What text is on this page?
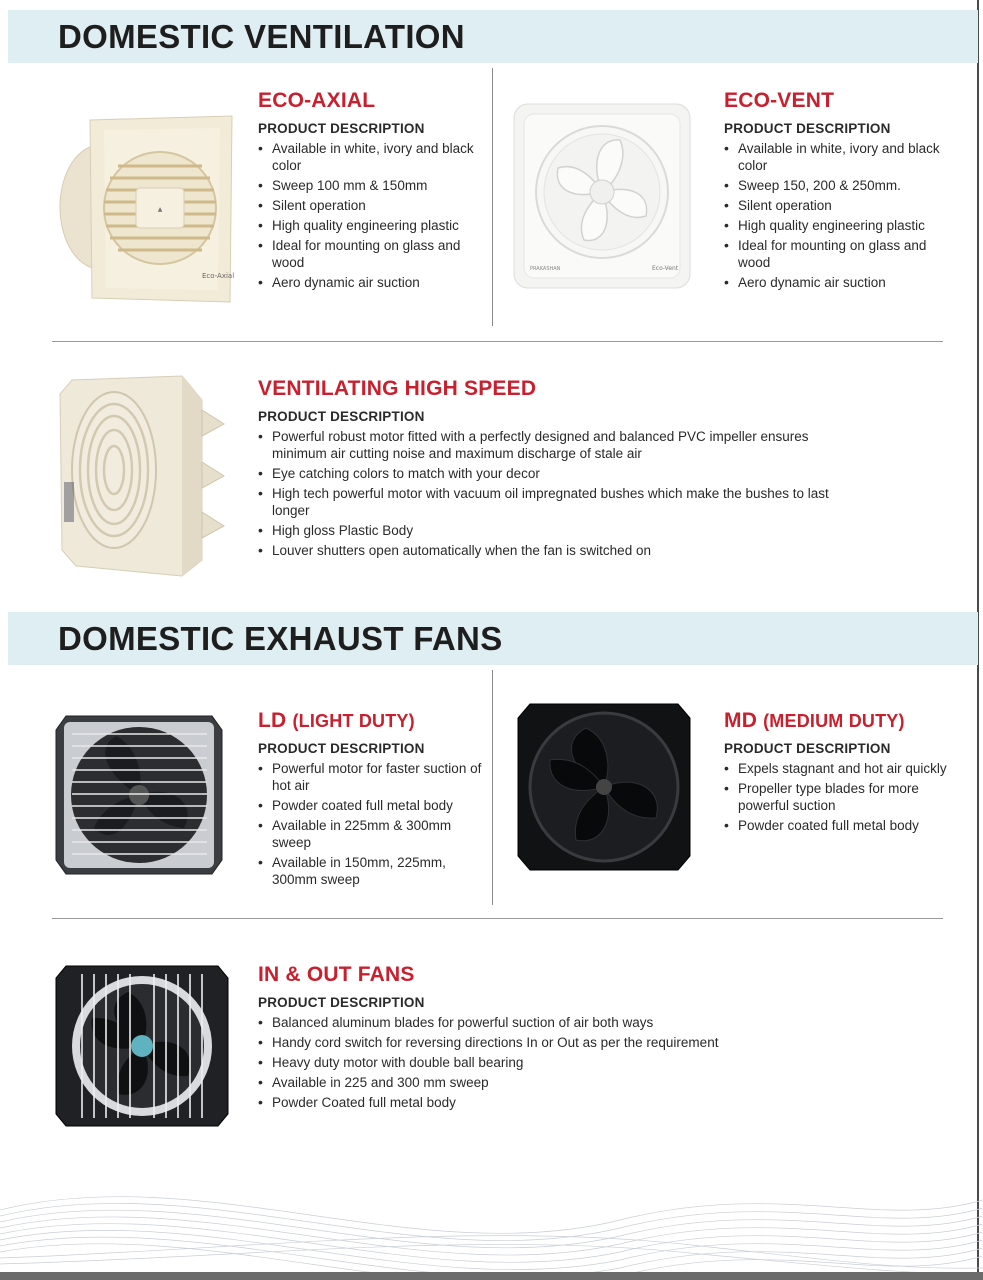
DOMESTIC VENTILATION
▲
Eco-Axial
ECO-AXIAL
PRODUCT DESCRIPTION
• Available in white, ivory and black color
• Sweep 100 mm & 150mm
• Silent operation
• High quality engineering plastic
• Ideal for mounting on glass and wood
• Aero dynamic air suction
PRAKASHAN	Eco-Vent
ECO-VENT
PRODUCT DESCRIPTION
• Available in white, ivory and black color
• Sweep 150, 200 & 250mm.
• Silent operation
• High quality engineering plastic
• Ideal for mounting on glass and wood
• Aero dynamic air suction
VENTILATING HIGH SPEED
PRODUCT DESCRIPTION
• Powerful robust motor fitted with a perfectly designed and balanced PVC impeller ensures minimum air cutting noise and maximum discharge of stale air
• Eye catching colors to match with your decor
• High tech powerful motor with vacuum oil impregnated bushes which make the bushes to last longer
• High gloss Plastic Body
• Louver shutters open automatically when the fan is switched on
DOMESTIC EXHAUST FANS
LD (LIGHT DUTY)
PRODUCT DESCRIPTION
• Powerful motor for faster suction of hot air
• Powder coated full metal body
• Available in 225mm & 300mm sweep
• Available in 150mm, 225mm, 300mm sweep
MD (MEDIUM DUTY)
PRODUCT DESCRIPTION
• Expels stagnant and hot air quickly
• Propeller type blades for more powerful suction
• Powder coated full metal body
IN & OUT FANS
PRODUCT DESCRIPTION
• Balanced aluminum blades for powerful suction of air both ways
• Handy cord switch for reversing directions In or Out as per the requirement
• Heavy duty motor with double ball bearing
• Available in 225 and 300 mm sweep
• Powder Coated full metal body
